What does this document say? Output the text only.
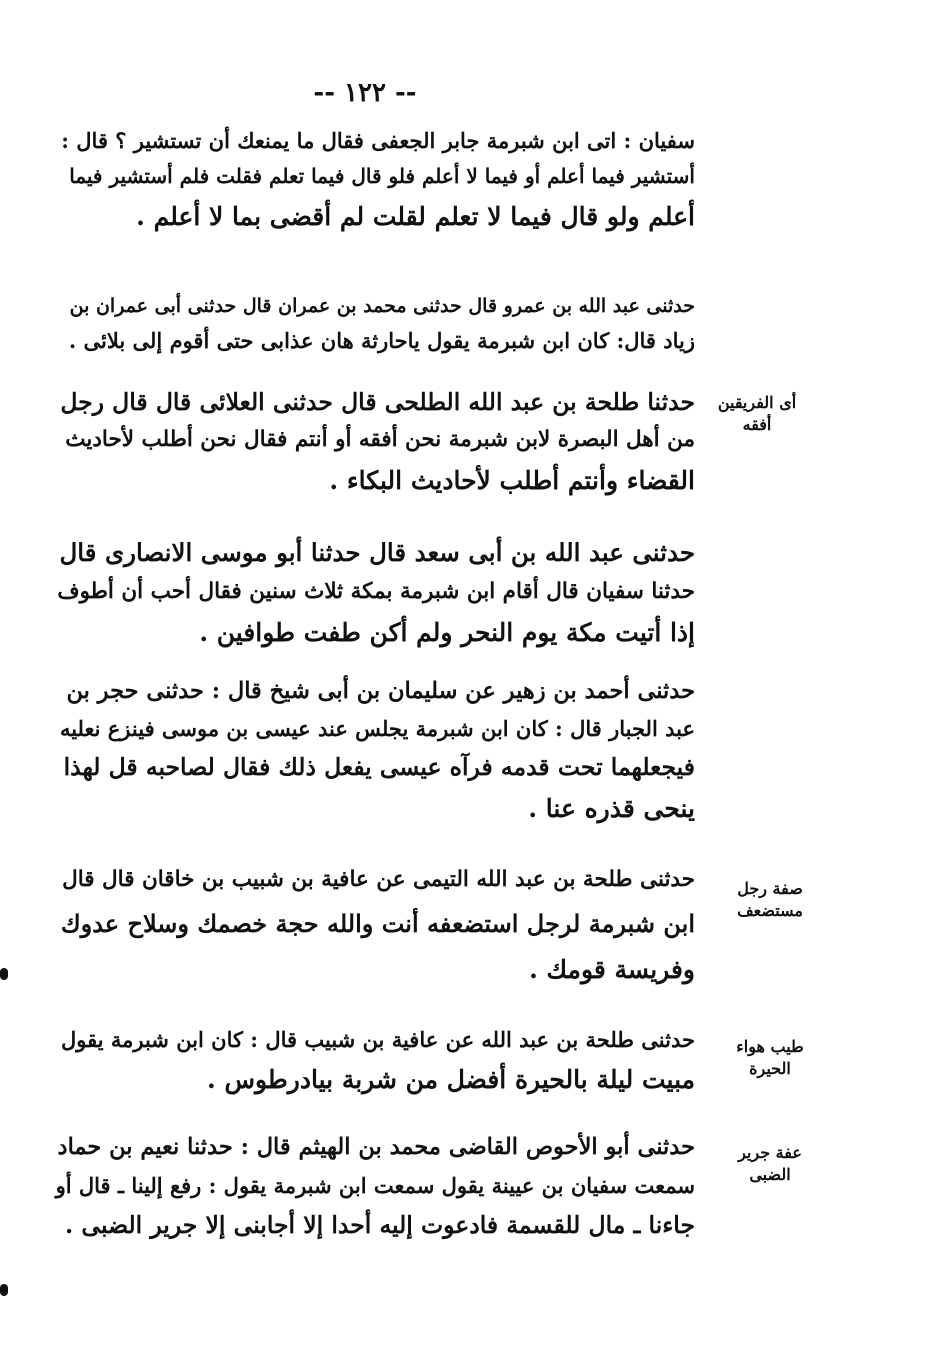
-- ١٢٢ --
سفيان : اتى ابن شبرمة جابر الجعفى فقال ما يمنعك أن تستشير ؟ قال :
أستشير فيما أعلم أو فيما لا أعلم فلو قال فيما تعلم فقلت فلم أستشير فيما
أعلم ولو قال فيما لا تعلم لقلت لم أقضى بما لا أعلم .
حدثنى عبد الله بن عمرو قال حدثنى محمد بن عمران قال حدثنى أبى عمران بن
زياد قال: كان ابن شبرمة يقول ياحارثة هان عذابى حتى أقوم إلى بلائى .
أى الفريقين أفقه
حدثنا طلحة بن عبد الله الطلحى قال حدثنى العلائى قال قال رجل
من أهل البصرة لابن شبرمة نحن أفقه أو أنتم فقال نحن أطلب لأحاديث
القضاء وأنتم أطلب لأحاديث البكاء .
حدثنى عبد الله بن أبى سعد قال حدثنا أبو موسى الانصارى قال
حدثنا سفيان قال أقام ابن شبرمة بمكة ثلاث سنين فقال أحب أن أطوف
إذا أتيت مكة يوم النحر ولم أكن طفت طوافين .
حدثنى أحمد بن زهير عن سليمان بن أبى شيخ قال : حدثنى حجر بن
عبد الجبار قال : كان ابن شبرمة يجلس عند عيسى بن موسى فينزع نعليه
فيجعلهما تحت قدمه فرآه عيسى يفعل ذلك فقال لصاحبه قل لهذا
ينحى قذره عنا .
صفة رجل مستضعف
حدثنى طلحة بن عبد الله التيمى عن عافية بن شبيب بن خاقان قال قال
ابن شبرمة لرجل استضعفه أنت والله حجة خصمك وسلاح عدوك
وفريسة قومك .
طيب هواء الحيرة
حدثنى طلحة بن عبد الله عن عافية بن شبيب قال : كان ابن شبرمة يقول
مبيت ليلة بالحيرة أفضل من شربة بيادرطوس .
عفة جرير الضبى
حدثنى أبو الأحوص القاضى محمد بن الهيثم قال : حدثنا نعيم بن حماد
سمعت سفيان بن عيينة يقول سمعت ابن شبرمة يقول : رفع إلينا ـ قال أو
جاءنا ـ مال للقسمة فادعوت إليه أحدا إلا أجابنى إلا جرير الضبى .
